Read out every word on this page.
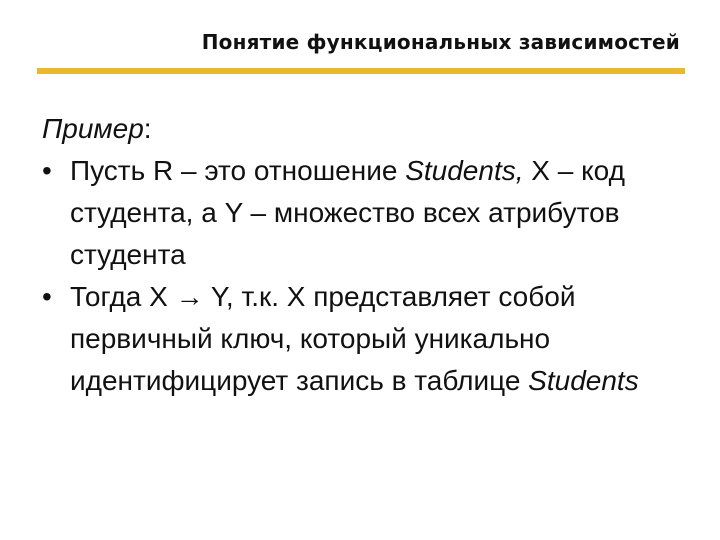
Понятие функциональных зависимостей

Пример:

• Пусть R – это отношение Students, X – код студента, а Y – множество всех атрибутов студента

• Тогда X → Y, т.к. X представляет собой первичный ключ, который уникально идентифицирует запись в таблице Students
